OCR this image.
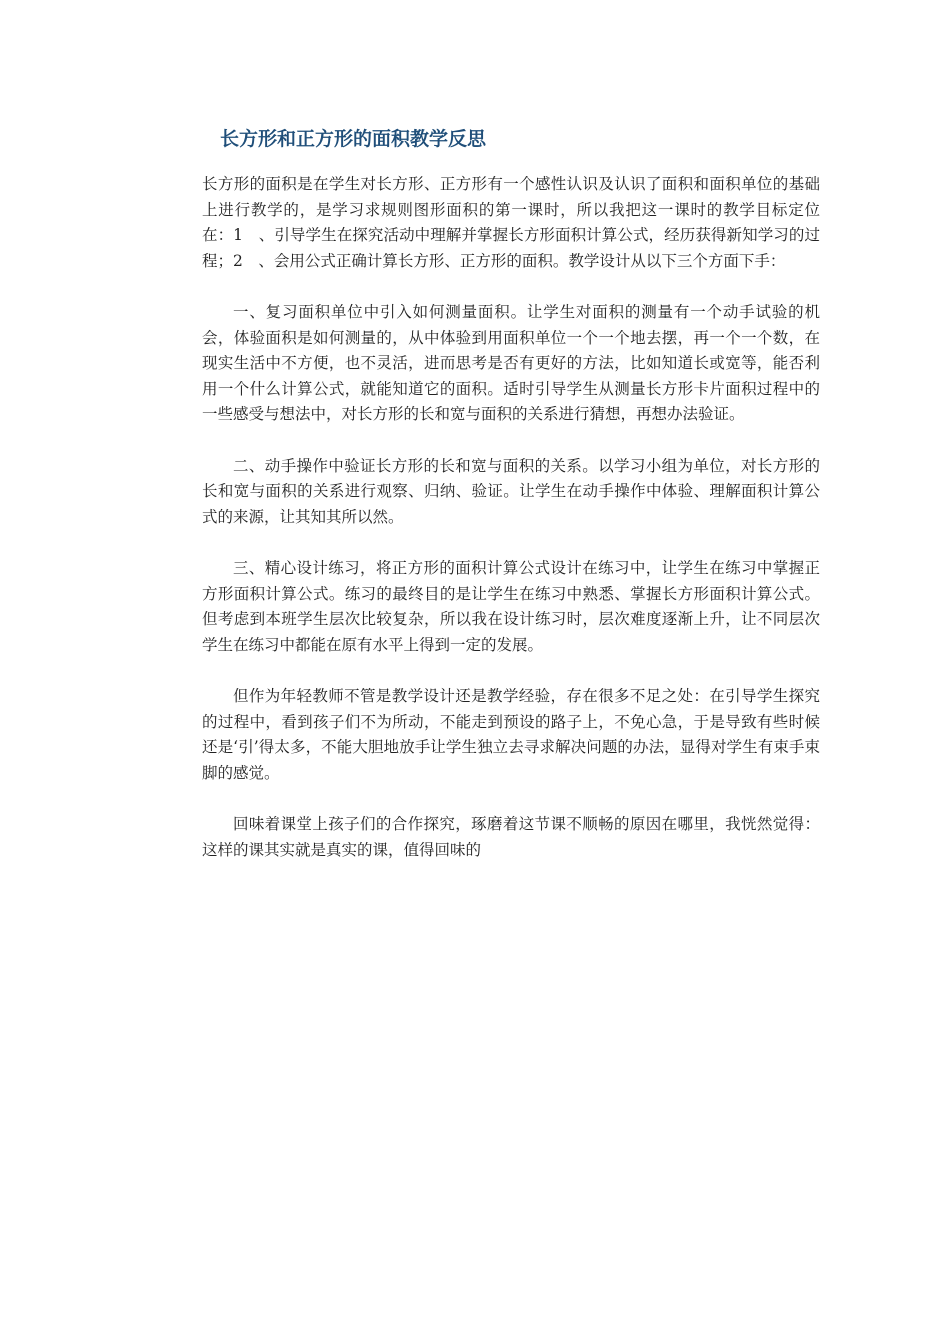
长方形和正方形的面积教学反思

长方形的面积是在学生对长方形、正方形有一个感性认识及认识了面积和面积单位的基础上进行教学的，是学习求规则图形面积的第一课时，所以我把这一课时的教学目标定位在：1　、引导学生在探究活动中理解并掌握长方形面积计算公式，经历获得新知学习的过程；2　、会用公式正确计算长方形、正方形的面积。教学设计从以下三个方面下手：

一、复习面积单位中引入如何测量面积。让学生对面积的测量有一个动手试验的机会，体验面积是如何测量的，从中体验到用面积单位一个一个地去摆，再一个一个数，在现实生活中不方便，也不灵活，进而思考是否有更好的方法，比如知道长或宽等，能否利用一个什么计算公式，就能知道它的面积。适时引导学生从测量长方形卡片面积过程中的一些感受与想法中，对长方形的长和宽与面积的关系进行猜想，再想办法验证。

二、动手操作中验证长方形的长和宽与面积的关系。以学习小组为单位，对长方形的长和宽与面积的关系进行观察、归纳、验证。让学生在动手操作中体验、理解面积计算公式的来源，让其知其所以然。

三、精心设计练习，将正方形的面积计算公式设计在练习中，让学生在练习中掌握正方形面积计算公式。练习的最终目的是让学生在练习中熟悉、掌握长方形面积计算公式。但考虑到本班学生层次比较复杂，所以我在设计练习时，层次难度逐渐上升，让不同层次学生在练习中都能在原有水平上得到一定的发展。

但作为年轻教师不管是教学设计还是教学经验，存在很多不足之处：在引导学生探究的过程中，看到孩子们不为所动，不能走到预设的路子上，不免心急，于是导致有些时候还是‘引’得太多，不能大胆地放手让学生独立去寻求解决问题的办法，显得对学生有束手束脚的感觉。

回味着课堂上孩子们的合作探究，琢磨着这节课不顺畅的原因在哪里，我恍然觉得：这样的课其实就是真实的课，值得回味的
